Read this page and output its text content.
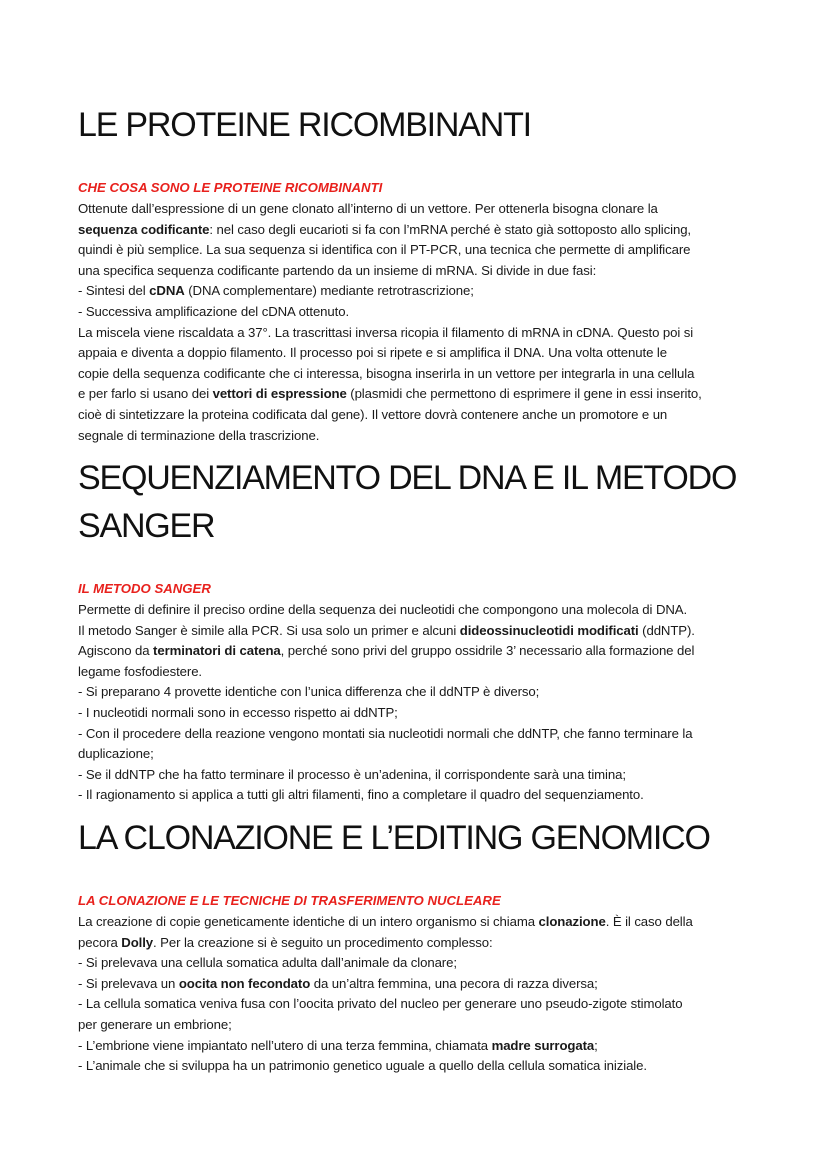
LE PROTEINE RICOMBINANTI
CHE COSA SONO LE PROTEINE RICOMBINANTI

Ottenute dall’espressione di un gene clonato all’interno di un vettore. Per ottenerla bisogna clonare la

sequenza codificante: nel caso degli eucarioti si fa con l’mRNA perché è stato già sottoposto allo splicing,

quindi è più semplice. La sua sequenza si identifica con il PT-PCR, una tecnica che permette di amplificare

una specifica sequenza codificante partendo da un insieme di mRNA. Si divide in due fasi:

- Sintesi del cDNA (DNA complementare) mediante retrotrascrizione;

- Successiva amplificazione del cDNA ottenuto.

La miscela viene riscaldata a 37°. La trascrittasi inversa ricopia il filamento di mRNA in cDNA. Questo poi si

appaia e diventa a doppio filamento. Il processo poi si ripete e si amplifica il DNA. Una volta ottenute le

copie della sequenza codificante che ci interessa, bisogna inserirla in un vettore per integrarla in una cellula

e per farlo si usano dei vettori di espressione (plasmidi che permettono di esprimere il gene in essi inserito,

cioè di sintetizzare la proteina codificata dal gene). Il vettore dovrà contenere anche un promotore e un

segnale di terminazione della trascrizione.

SEQUENZIAMENTO DEL DNA E IL METODO
SANGER
IL METODO SANGER

Permette di definire il preciso ordine della sequenza dei nucleotidi che compongono una molecola di DNA.

Il metodo Sanger è simile alla PCR. Si usa solo un primer e alcuni dideossinucleotidi modificati (ddNTP).

Agiscono da terminatori di catena, perché sono privi del gruppo ossidrile 3’ necessario alla formazione del

legame fosfodiestere.

- Si preparano 4 provette identiche con l’unica differenza che il ddNTP è diverso;

- I nucleotidi normali sono in eccesso rispetto ai ddNTP;

- Con il procedere della reazione vengono montati sia nucleotidi normali che ddNTP, che fanno terminare la

duplicazione;

- Se il ddNTP che ha fatto terminare il processo è un’adenina, il corrispondente sarà una timina;

- Il ragionamento si applica a tutti gli altri filamenti, fino a completare il quadro del sequenziamento.

LA CLONAZIONE E L’EDITING GENOMICO
LA CLONAZIONE E LE TECNICHE DI TRASFERIMENTO NUCLEARE

La creazione di copie geneticamente identiche di un intero organismo si chiama clonazione. È il caso della

pecora Dolly. Per la creazione si è seguito un procedimento complesso:

- Si prelevava una cellula somatica adulta dall’animale da clonare;

- Si prelevava un oocita non fecondato da un’altra femmina, una pecora di razza diversa;

- La cellula somatica veniva fusa con l’oocita privato del nucleo per generare uno pseudo-zigote stimolato

per generare un embrione;

- L’embrione viene impiantato nell’utero di una terza femmina, chiamata madre surrogata;

- L’animale che si sviluppa ha un patrimonio genetico uguale a quello della cellula somatica iniziale.
